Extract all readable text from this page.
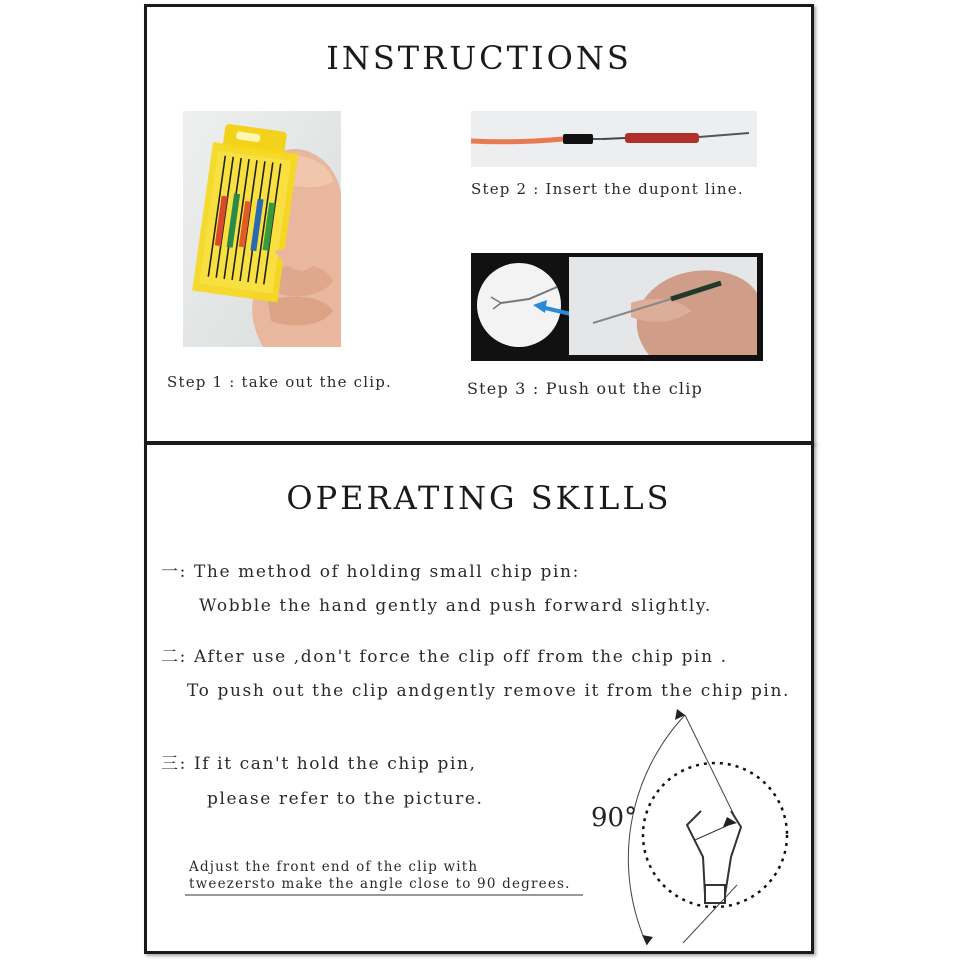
INSTRUCTIONS
Step 1 : take out the clip.
Step 2 : Insert the dupont line.
Step 3 : Push out the clip
OPERATING SKILLS
一: The method of holding small chip pin:
Wobble the hand gently and push forward slightly.
二: After use ,don't force the clip off from the chip pin .
To push out the clip andgently remove it from the chip pin.
三: If it can't hold the chip pin,
please refer to the picture.
Adjust the front end of the clip with
tweezersto make the angle close to 90 degrees.
90°
